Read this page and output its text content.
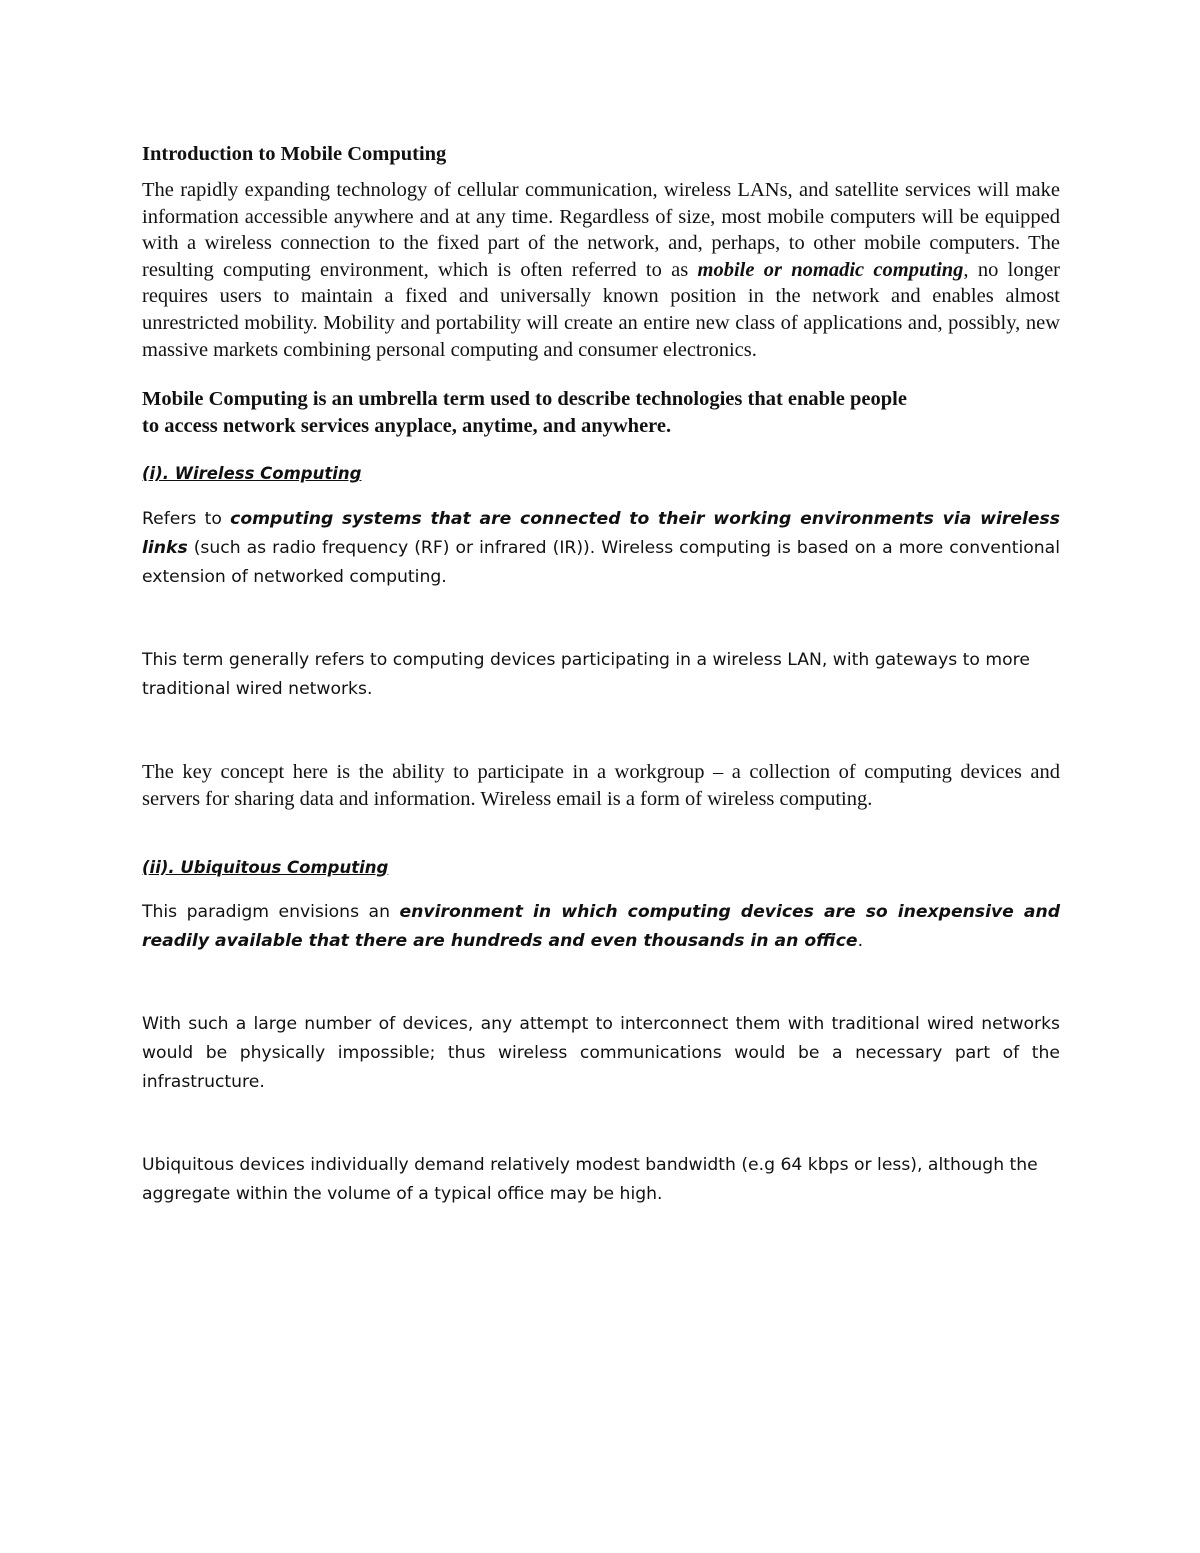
Introduction to Mobile Computing

The rapidly expanding technology of cellular communication, wireless LANs, and satellite services will make information accessible anywhere and at any time. Regardless of size, most mobile computers will be equipped with a wireless connection to the fixed part of the network, and, perhaps, to other mobile computers. The resulting computing environment, which is often referred to as mobile or nomadic computing, no longer requires users to maintain a fixed and universally known position in the network and enables almost unrestricted mobility. Mobility and portability will create an entire new class of applications and, possibly, new massive markets combining personal computing and consumer electronics.

Mobile Computing is an umbrella term used to describe technologies that enable people
to access network services anyplace, anytime, and anywhere.

(i). Wireless Computing

Refers to computing systems that are connected to their working environments via wireless links (such as radio frequency (RF) or infrared (IR)). Wireless computing is based on a more conventional extension of networked computing.

This term generally refers to computing devices participating in a wireless LAN, with gateways to more traditional wired networks.

The key concept here is the ability to participate in a workgroup – a collection of computing devices and servers for sharing data and information. Wireless email is a form of wireless computing.

(ii). Ubiquitous Computing

This paradigm envisions an environment in which computing devices are so inexpensive and readily available that there are hundreds and even thousands in an office.

With such a large number of devices, any attempt to interconnect them with traditional wired networks would be physically impossible; thus wireless communications would be a necessary part of the infrastructure.

Ubiquitous devices individually demand relatively modest bandwidth (e.g 64 kbps or less), although the aggregate within the volume of a typical office may be high.
